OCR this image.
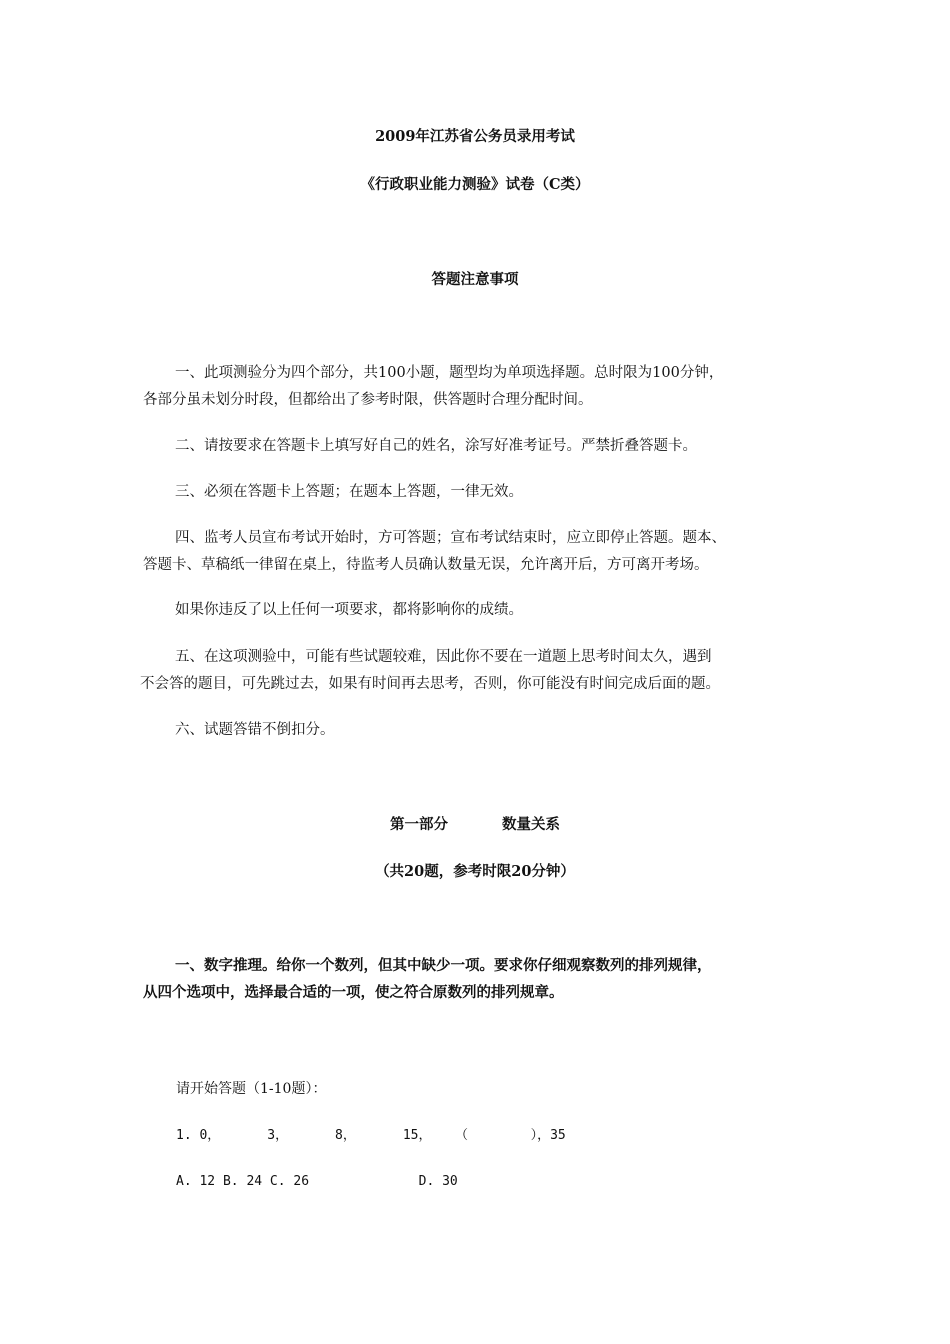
2009年江苏省公务员录用考试
《行政职业能力测验》试卷（C类）
答题注意事项
一、此项测验分为四个部分，共100小题，题型均为单项选择题。总时限为100分钟，
各部分虽未划分时段，但都给出了参考时限，供答题时合理分配时间。
二、请按要求在答题卡上填写好自己的姓名，涂写好准考证号。严禁折叠答题卡。
三、必须在答题卡上答题；在题本上答题，一律无效。
四、监考人员宣布考试开始时，方可答题；宣布考试结束时，应立即停止答题。题本、
答题卡、草稿纸一律留在桌上，待监考人员确认数量无误，允许离开后，方可离开考场。
如果你违反了以上任何一项要求，都将影响你的成绩。
五、在这项测验中，可能有些试题较难，因此你不要在一道题上思考时间太久，遇到
不会答的题目，可先跳过去，如果有时间再去思考，否则，你可能没有时间完成后面的题。
六、试题答错不倒扣分。
第一部分	数量关系
（共20题，参考时限20分钟）
一、数字推理。给你一个数列，但其中缺少一项。要求你仔细观察数列的排列规律，
从四个选项中，选择最合适的一项，使之符合原数列的排列规章。
请开始答题（1-10题）：
1. 0，      3，      8，      15，   （        ），35
A. 12 B. 24 C. 26              D. 30
